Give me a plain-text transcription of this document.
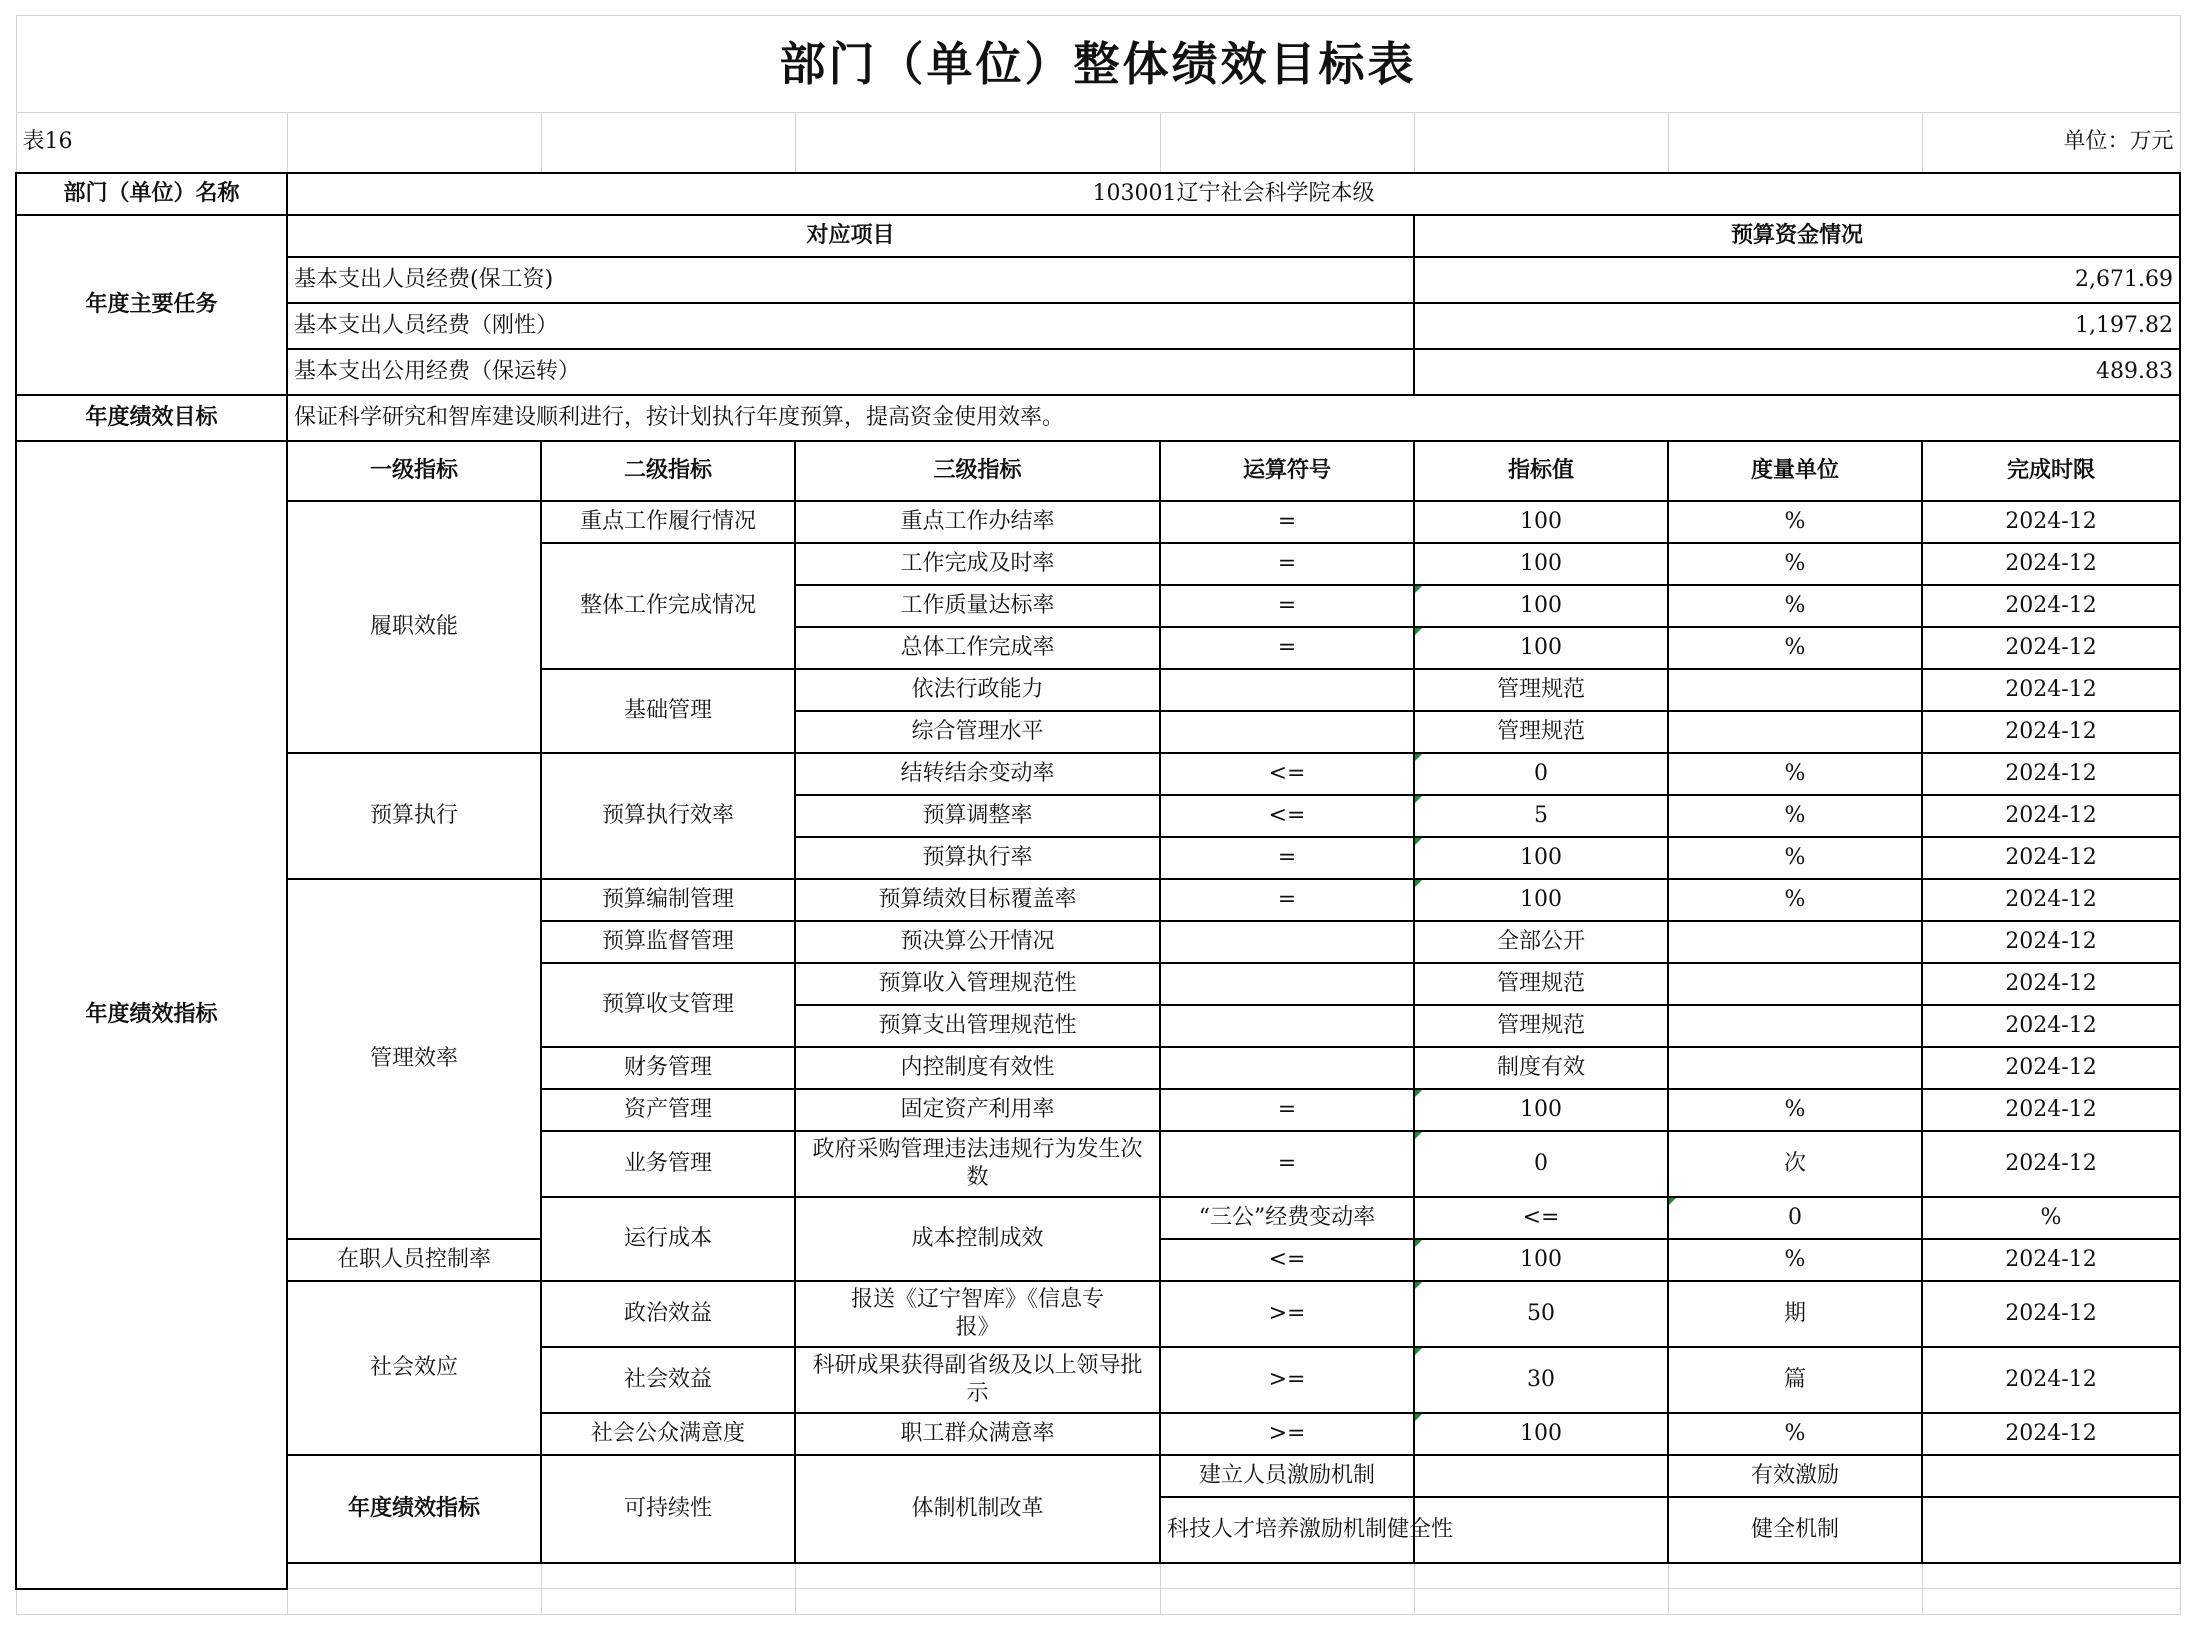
部门（单位）整体绩效目标表								
表16							单位：万元	
部门（单位）名称	103001辽宁社会科学院本级							
年度主要任务	对应项目				预算资金情况			
	基本支出人员经费(保工资)				2,671.69			
	基本支出人员经费（刚性）				1,197.82			
	基本支出公用经费（保运转）				489.83			
年度绩效目标	保证科学研究和智库建设顺利进行，按计划执行年度预算，提高资金使用效率。							
年度绩效指标	一级指标	二级指标	三级指标	运算符号	指标值	度量单位	完成时限	
	履职效能	重点工作履行情况	重点工作办结率	=	100	%	2024-12	
		整体工作完成情况	工作完成及时率	=	100	%	2024-12	
			工作质量达标率	=	100	%	2024-12	
			总体工作完成率	=	100	%	2024-12	
		基础管理	依法行政能力		管理规范		2024-12	
			综合管理水平		管理规范		2024-12	
	预算执行	预算执行效率	结转结余变动率	<=	0	%	2024-12	
			预算调整率	<=	5	%	2024-12	
			预算执行率	=	100	%	2024-12	
	管理效率	预算编制管理	预算绩效目标覆盖率	=	100	%	2024-12	
		预算监督管理	预决算公开情况		全部公开		2024-12	
		预算收支管理	预算收入管理规范性		管理规范		2024-12	
			预算支出管理规范性		管理规范		2024-12	
		财务管理	内控制度有效性		制度有效		2024-12	
		资产管理	固定资产利用率	=	100	%	2024-12	
		业务管理	政府采购管理违法违规行为发生次数	=	0	次	2024-12	
		运行成本	成本控制成效	“三公”经费变动率	<=	0	%	
	在职人员控制率			<=	100	%	2024-12	
	社会效应	政治效益	报送《辽宁智库》《信息专报》	>=	50	期	2024-12	
		社会效益	科研成果获得副省级及以上领导批示	>=	30	篇	2024-12	
		社会公众满意度	职工群众满意率	>=	100	%	2024-12	
	年度绩效指标	可持续性	体制机制改革	建立人员激励机制		有效激励		
				科技人才培养激励机制健全性		健全机制		
